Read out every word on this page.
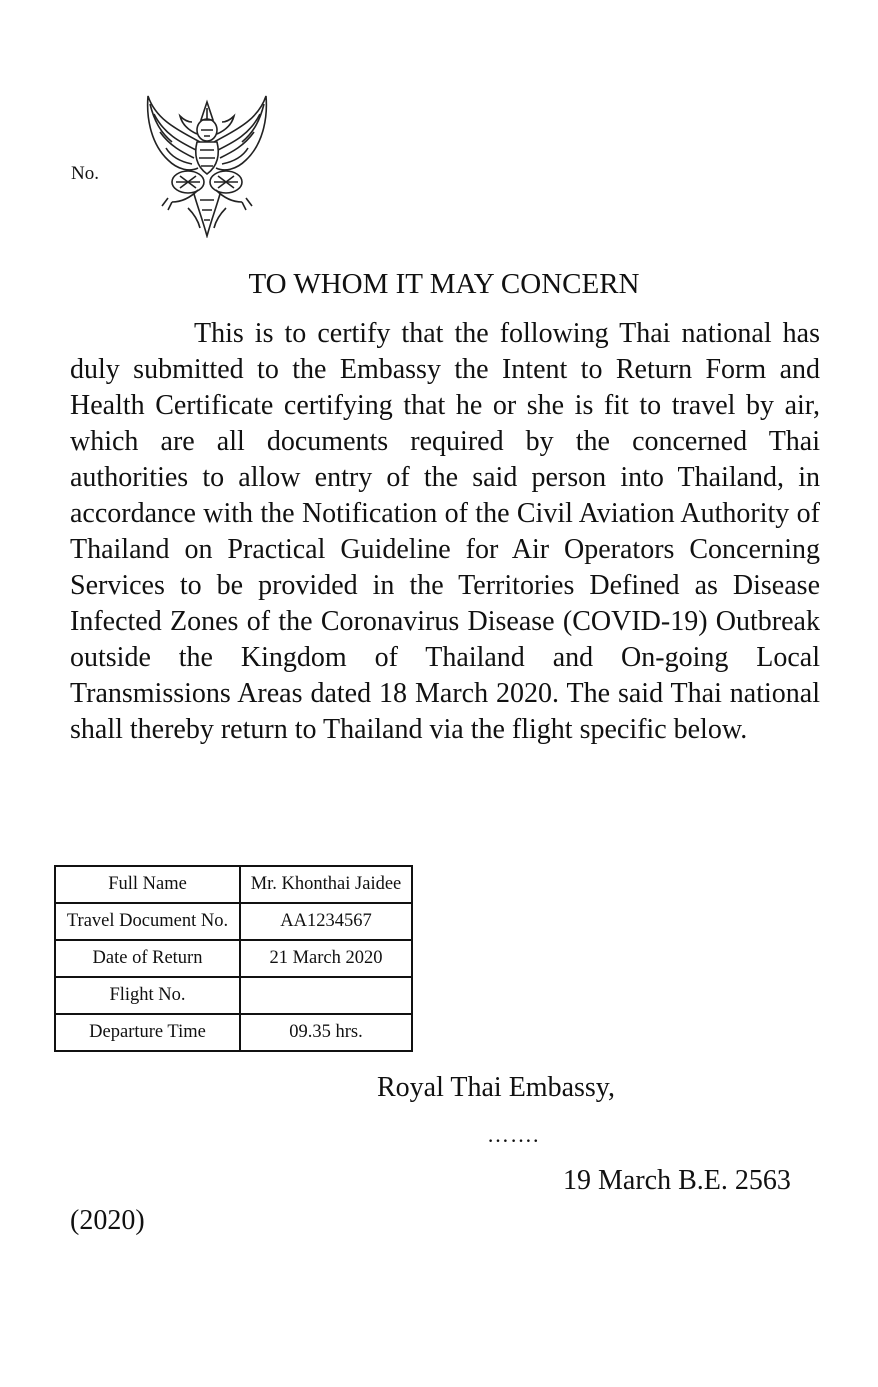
No.
TO WHOM IT MAY CONCERN

This is to certify that the following Thai national has duly submitted to the Embassy the Intent to Return Form and Health Certificate certifying that he or she is fit to travel by air, which are all documents required by the concerned Thai authorities to allow entry of the said person into Thailand, in accordance with the Notification of the Civil Aviation Authority of Thailand on Practical Guideline for Air Operators Concerning Services to be provided in the Territories Defined as Disease Infected Zones of the Coronavirus Disease (COVID-19) Outbreak outside the Kingdom of Thailand and On-going Local Transmissions Areas dated 18 March 2020. The said Thai national shall thereby return to Thailand via the flight specific below.

Full Name	Mr. Khonthai Jaidee
Travel Document No.	AA1234567
Date of Return	21 March 2020
Flight No.	
Departure Time	09.35 hrs.
Royal Thai Embassy,
…….
19 March B.E. 2563
(2020)
